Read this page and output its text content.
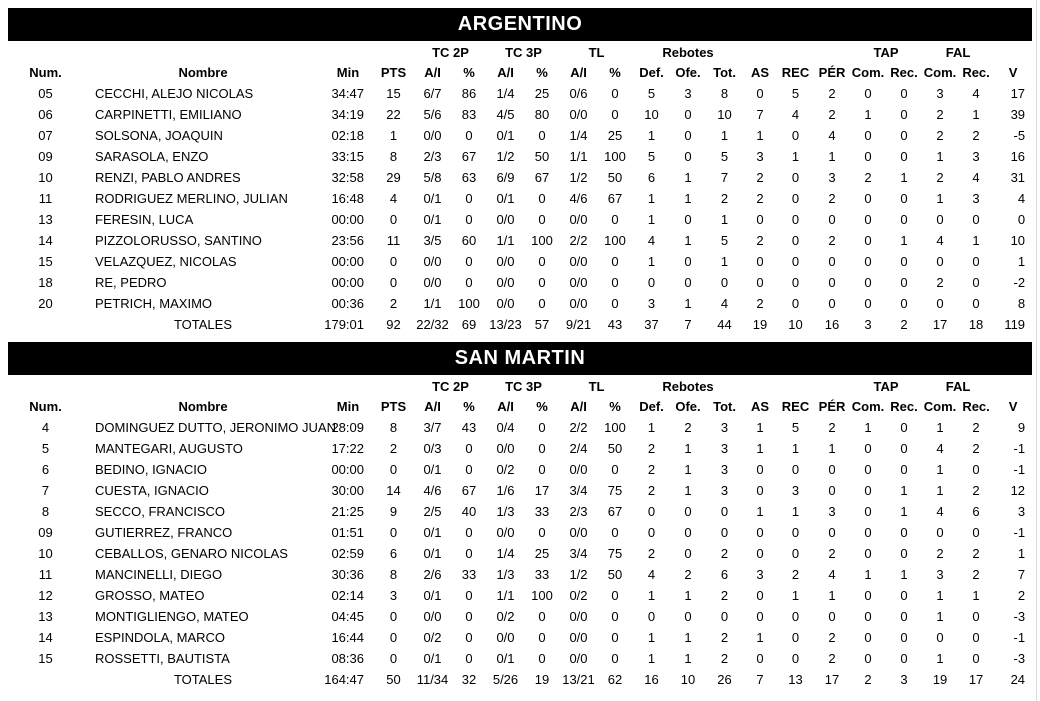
ARGENTINO
				TC 2P		TC 3P		TL		Rebotes						TAP		FAL		
Num.	Nombre	Min	PTS	A/I	%	A/I	%	A/I	%	Def.	Ofe.	Tot.	AS	REC	PÉR	Com.	Rec.	Com.	Rec.	V
05	CECCHI, ALEJO NICOLAS	34:47	15	6/7	86	1/4	25	0/6	0	5	3	8	0	5	2	0	0	3	4	17
06	CARPINETTI, EMILIANO	34:19	22	5/6	83	4/5	80	0/0	0	10	0	10	7	4	2	1	0	2	1	39
07	SOLSONA, JOAQUIN	02:18	1	0/0	0	0/1	0	1/4	25	1	0	1	1	0	4	0	0	2	2	-5
09	SARASOLA, ENZO	33:15	8	2/3	67	1/2	50	1/1	100	5	0	5	3	1	1	0	0	1	3	16
10	RENZI, PABLO ANDRES	32:58	29	5/8	63	6/9	67	1/2	50	6	1	7	2	0	3	2	1	2	4	31
11	RODRIGUEZ MERLINO, JULIAN	16:48	4	0/1	0	0/1	0	4/6	67	1	1	2	2	0	2	0	0	1	3	4
13	FERESIN, LUCA	00:00	0	0/1	0	0/0	0	0/0	0	1	0	1	0	0	0	0	0	0	0	0
14	PIZZOLORUSSO, SANTINO	23:56	11	3/5	60	1/1	100	2/2	100	4	1	5	2	0	2	0	1	4	1	10
15	VELAZQUEZ, NICOLAS	00:00	0	0/0	0	0/0	0	0/0	0	1	0	1	0	0	0	0	0	0	0	1
18	RE, PEDRO	00:00	0	0/0	0	0/0	0	0/0	0	0	0	0	0	0	0	0	0	2	0	-2
20	PETRICH, MAXIMO	00:36	2	1/1	100	0/0	0	0/0	0	3	1	4	2	0	0	0	0	0	0	8
	TOTALES	179:01	92	22/32	69	13/23	57	9/21	43	37	7	44	19	10	16	3	2	17	18	119
SAN MARTIN
				TC 2P		TC 3P		TL		Rebotes						TAP		FAL		
Num.	Nombre	Min	PTS	A/I	%	A/I	%	A/I	%	Def.	Ofe.	Tot.	AS	REC	PÉR	Com.	Rec.	Com.	Rec.	V
4	DOMINGUEZ DUTTO, JERONIMO JUAN	28:09	8	3/7	43	0/4	0	2/2	100	1	2	3	1	5	2	1	0	1	2	9
5	MANTEGARI, AUGUSTO	17:22	2	0/3	0	0/0	0	2/4	50	2	1	3	1	1	1	0	0	4	2	-1
6	BEDINO, IGNACIO	00:00	0	0/1	0	0/2	0	0/0	0	2	1	3	0	0	0	0	0	1	0	-1
7	CUESTA, IGNACIO	30:00	14	4/6	67	1/6	17	3/4	75	2	1	3	0	3	0	0	1	1	2	12
8	SECCO, FRANCISCO	21:25	9	2/5	40	1/3	33	2/3	67	0	0	0	1	1	3	0	1	4	6	3
09	GUTIERREZ, FRANCO	01:51	0	0/1	0	0/0	0	0/0	0	0	0	0	0	0	0	0	0	0	0	-1
10	CEBALLOS, GENARO NICOLAS	02:59	6	0/1	0	1/4	25	3/4	75	2	0	2	0	0	2	0	0	2	2	1
11	MANCINELLI, DIEGO	30:36	8	2/6	33	1/3	33	1/2	50	4	2	6	3	2	4	1	1	3	2	7
12	GROSSO, MATEO	02:14	3	0/1	0	1/1	100	0/2	0	1	1	2	0	1	1	0	0	1	1	2
13	MONTIGLIENGO, MATEO	04:45	0	0/0	0	0/2	0	0/0	0	0	0	0	0	0	0	0	0	1	0	-3
14	ESPINDOLA, MARCO	16:44	0	0/2	0	0/0	0	0/0	0	1	1	2	1	0	2	0	0	0	0	-1
15	ROSSETTI, BAUTISTA	08:36	0	0/1	0	0/1	0	0/0	0	1	1	2	0	0	2	0	0	1	0	-3
	TOTALES	164:47	50	11/34	32	5/26	19	13/21	62	16	10	26	7	13	17	2	3	19	17	24
